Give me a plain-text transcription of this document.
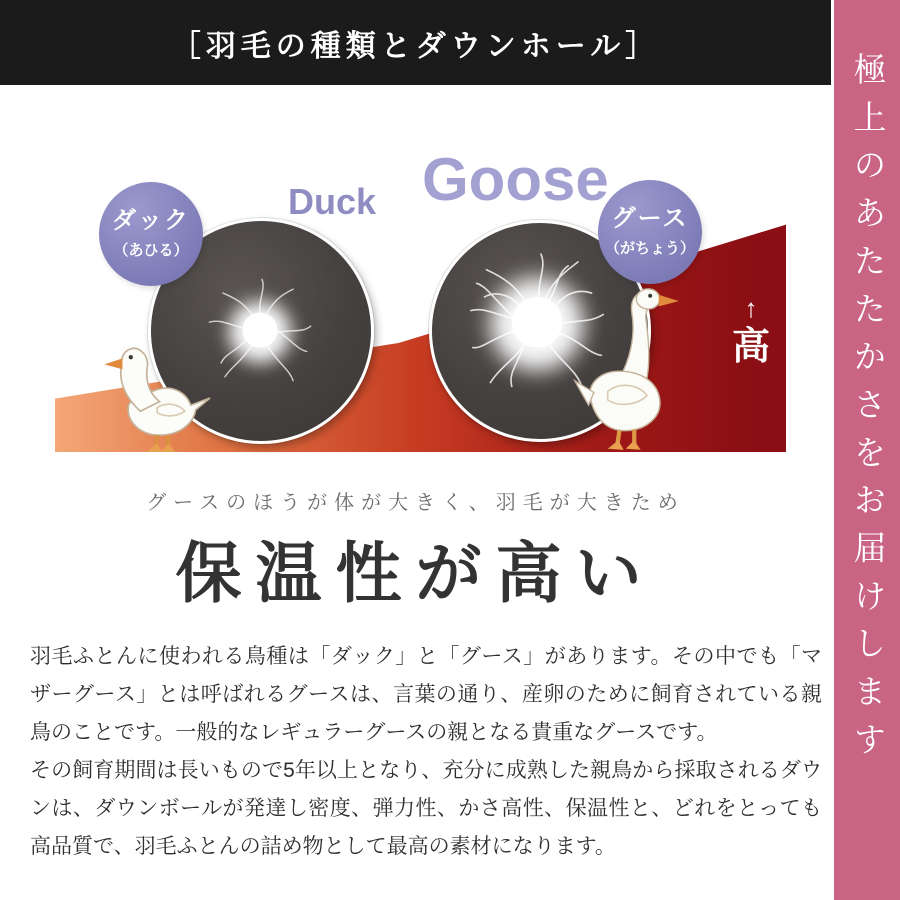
［羽毛の種類とダウンホール］
極上のあたたかさをお届けします
ダック
（あひる）
グース
（がちょう）
Duck Goose
↑
高
グースのほうが体が大きく、羽毛が大きため
保温性が高い

羽毛ふとんに使われる鳥種は「ダック」と「グース」があります。その中でも「マザーグース」とは呼ばれるグースは、言葉の通り、産卵のために飼育されている親鳥のことです。一般的なレギュラーグースの親となる貴重なグースです。

その飼育期間は長いもので5年以上となり、充分に成熟した親鳥から採取されるダウンは、ダウンボールが発達し密度、弾力性、かさ高性、保温性と、どれをとっても高品質で、羽毛ふとんの詰め物として最高の素材になります。
